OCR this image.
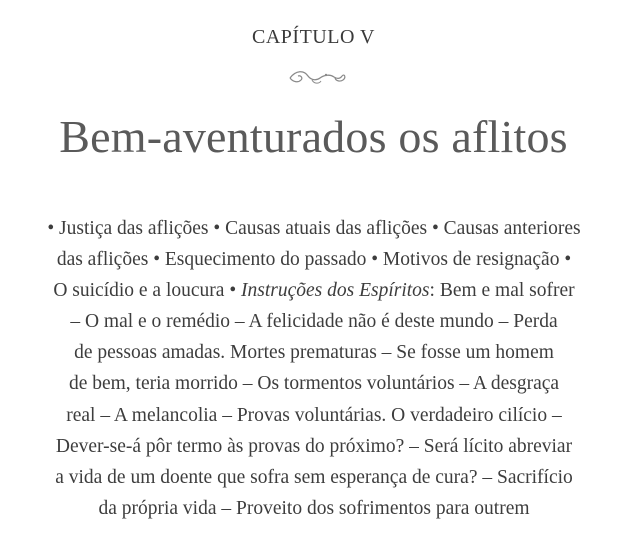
CAPÍTULO V
Bem-aventurados os aflitos
• Justiça das aflições • Causas atuais das aflições • Causas anteriores
das aflições • Esquecimento do passado • Motivos de resignação •
O suicídio e a loucura • Instruções dos Espíritos: Bem e mal sofrer
– O mal e o remédio – A felicidade não é deste mundo – Perda
de pessoas amadas. Mortes prematuras – Se fosse um homem
de bem, teria morrido – Os tormentos voluntários – A desgraça
real – A melancolia – Provas voluntárias. O verdadeiro cilício –
Dever-se-á pôr termo às provas do próximo? – Será lícito abreviar
a vida de um doente que sofra sem esperança de cura? – Sacrifício
da própria vida – Proveito dos sofrimentos para outrem
